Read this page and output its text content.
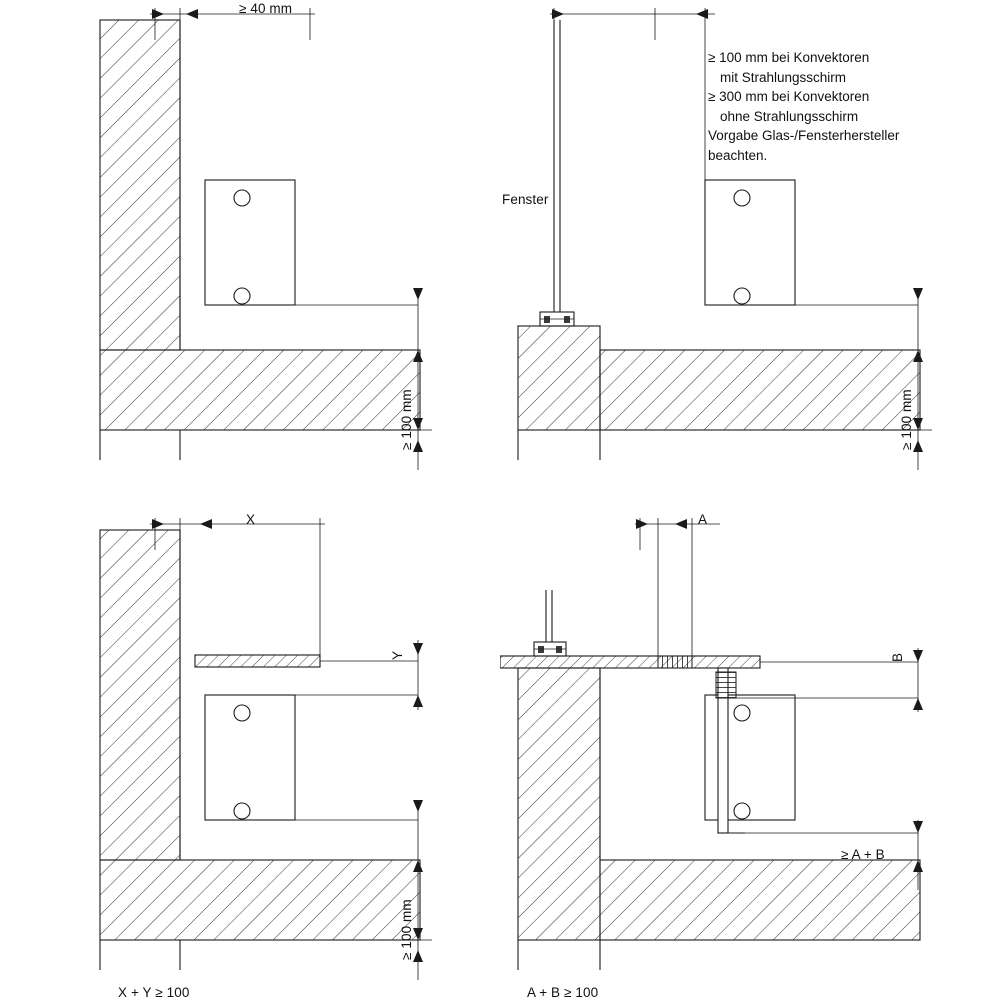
≥ 40 mm
≥ 100 mm
Fenster
≥ 100 mm bei Konvektoren
mit Strahlungsschirm
≥ 300 mm bei Konvektoren
ohne Strahlungsschirm
Vorgabe Glas-/Fensterhersteller
beachten.
≥ 100 mm
X
Y
≥ 100 mm
X + Y ≥ 100
A
B
≥ A + B
A + B ≥ 100
